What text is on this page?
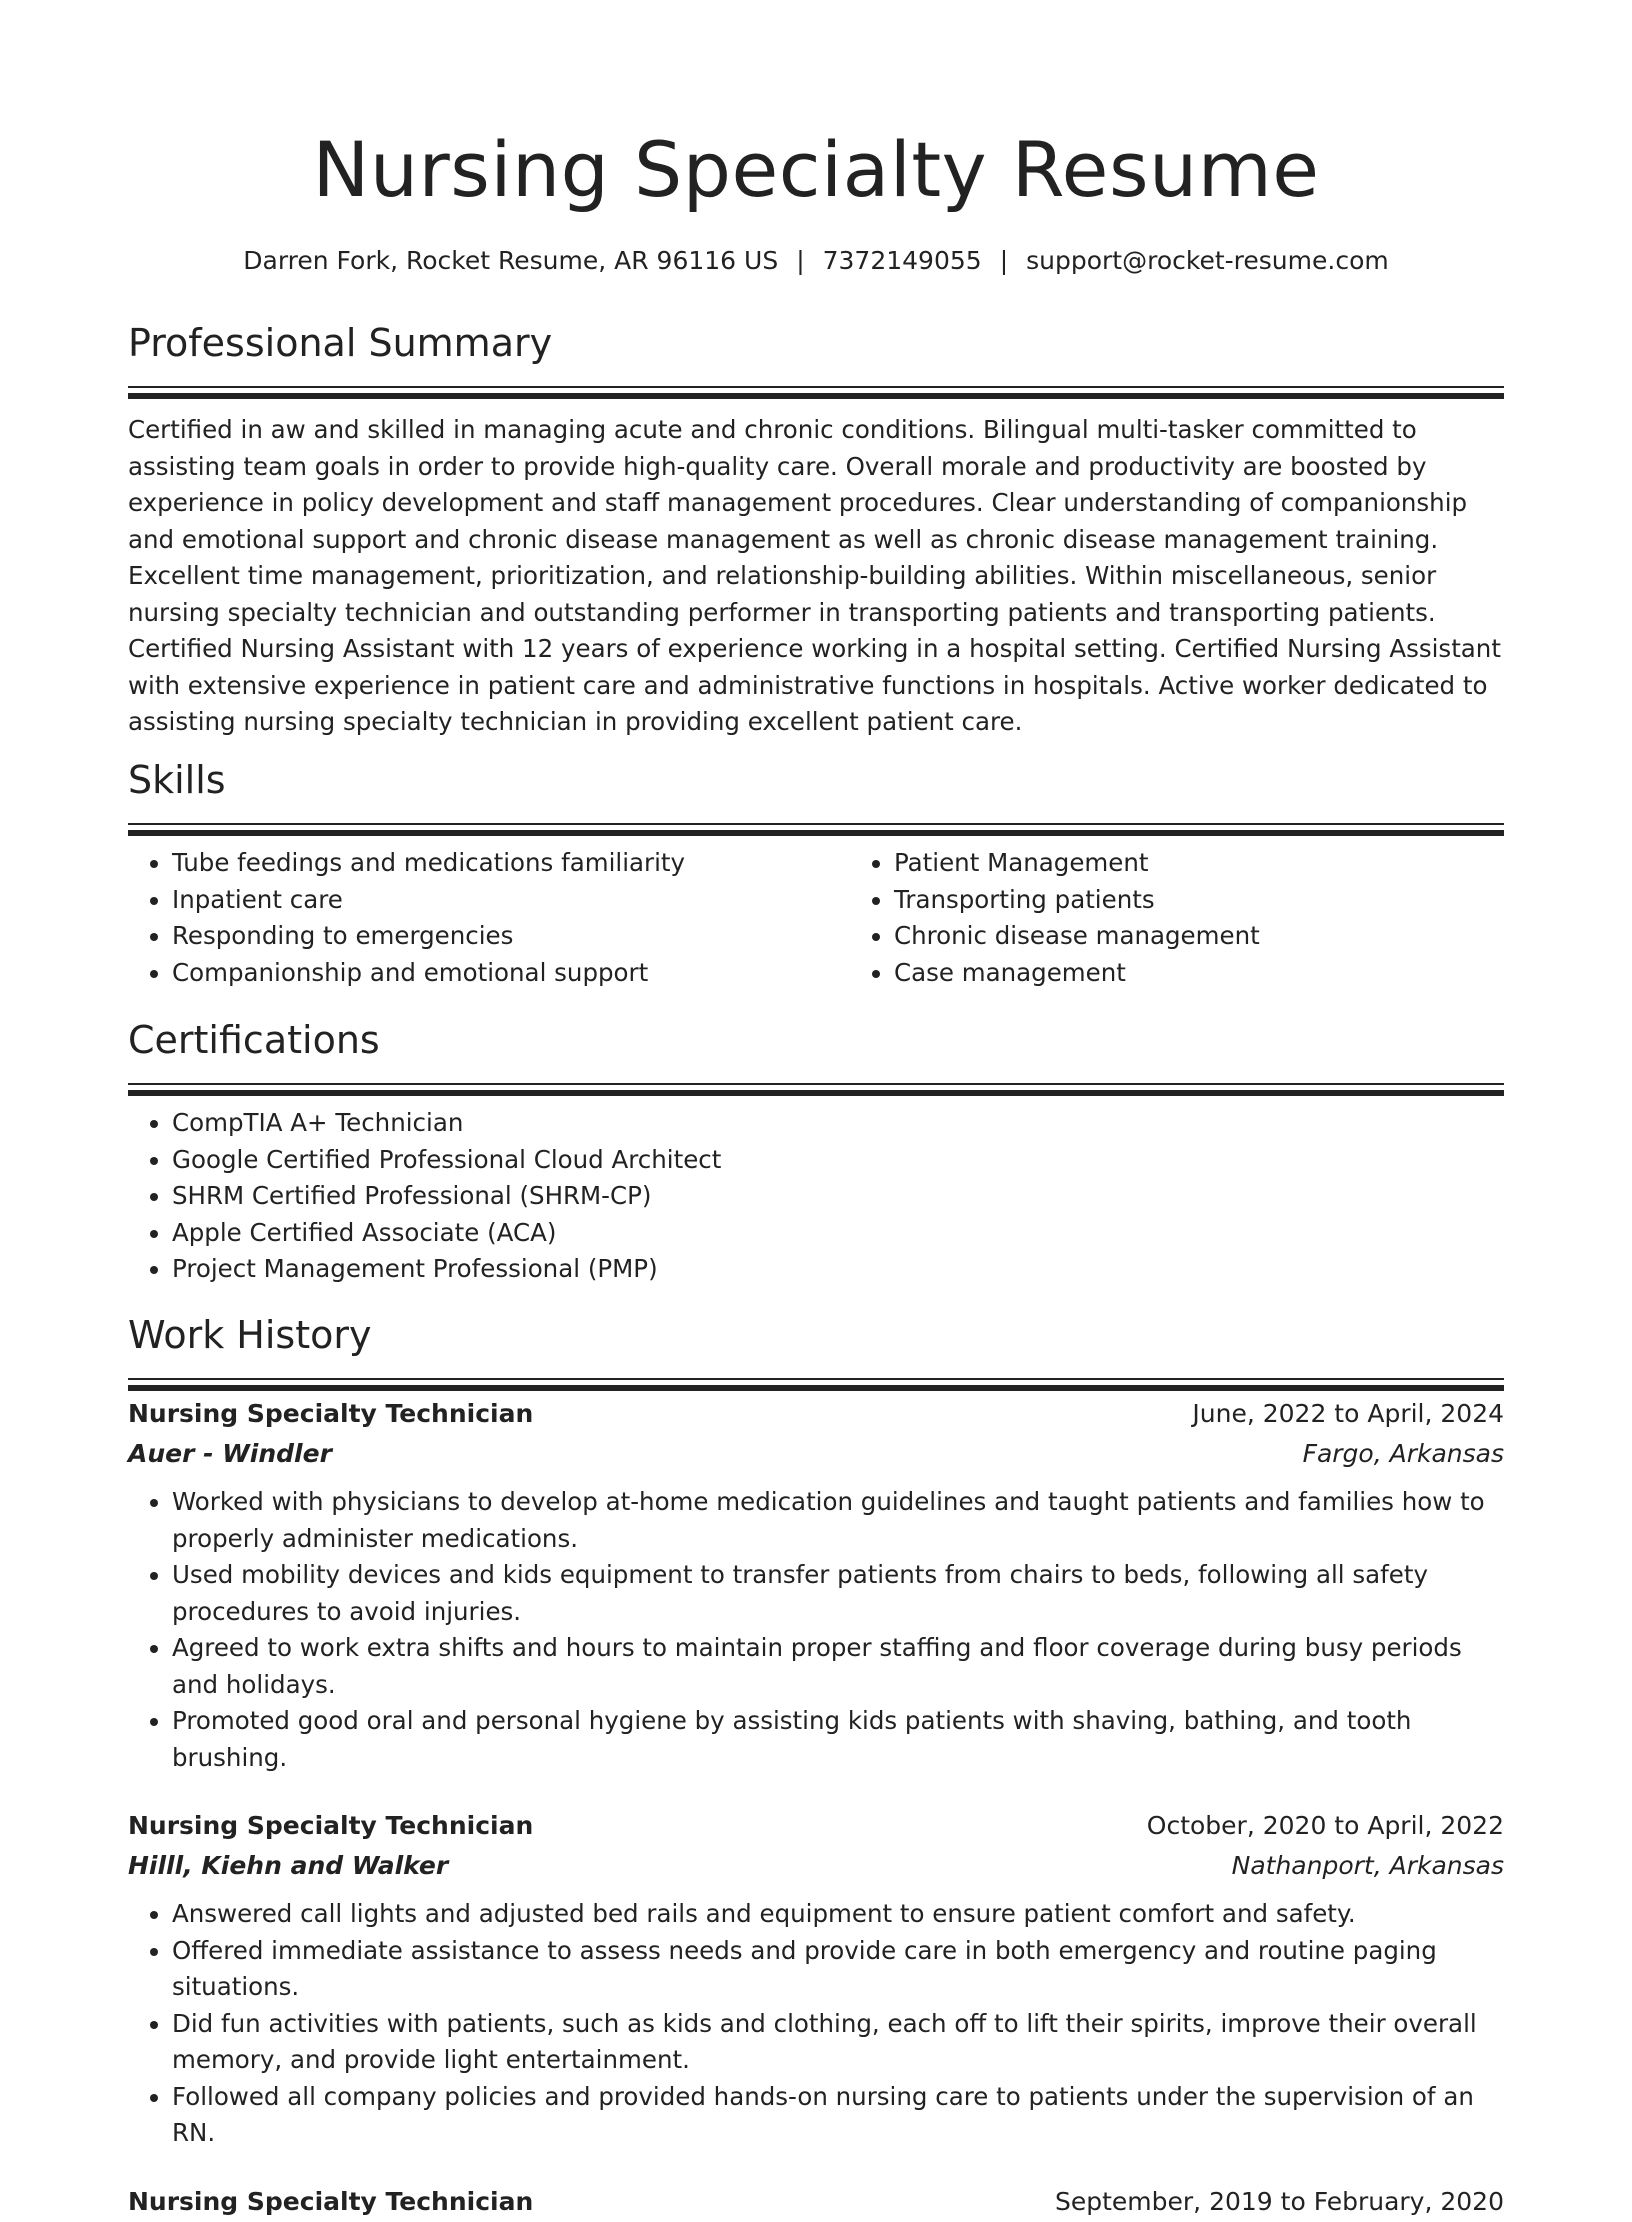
Nursing Specialty Resume
Darren Fork, Rocket Resume, AR 96116 US | 7372149055 | support@rocket-resume.com
Professional Summary

Certified in aw and skilled in managing acute and chronic conditions. Bilingual multi-tasker committed to assisting team goals in order to provide high-quality care. Overall morale and productivity are boosted by experience in policy development and staff management procedures. Clear understanding of companionship and emotional support and chronic disease management as well as chronic disease management training. Excellent time management, prioritization, and relationship-building abilities. Within miscellaneous, senior nursing specialty technician and outstanding performer in transporting patients and transporting patients. Certified Nursing Assistant with 12 years of experience working in a hospital setting. Certified Nursing Assistant with extensive experience in patient care and administrative functions in hospitals. Active worker dedicated to assisting nursing specialty technician in providing excellent patient care.

Skills
• Tube feedings and medications familiarity
• Inpatient care
• Responding to emergencies
• Companionship and emotional support
• Patient Management
• Transporting patients
• Chronic disease management
• Case management
Certifications
• CompTIA A+ Technician
• Google Certified Professional Cloud Architect
• SHRM Certified Professional (SHRM-CP)
• Apple Certified Associate (ACA)
• Project Management Professional (PMP)
Work History
Nursing Specialty Technician	June, 2022 to April, 2024
Auer - Windler	Fargo, Arkansas
• Worked with physicians to develop at-home medication guidelines and taught patients and families how to properly administer medications.
• Used mobility devices and kids equipment to transfer patients from chairs to beds, following all safety procedures to avoid injuries.
• Agreed to work extra shifts and hours to maintain proper staffing and floor coverage during busy periods and holidays.
• Promoted good oral and personal hygiene by assisting kids patients with shaving, bathing, and tooth brushing.
Nursing Specialty Technician	October, 2020 to April, 2022
Hilll, Kiehn and Walker	Nathanport, Arkansas
• Answered call lights and adjusted bed rails and equipment to ensure patient comfort and safety.
• Offered immediate assistance to assess needs and provide care in both emergency and routine paging situations.
• Did fun activities with patients, such as kids and clothing, each off to lift their spirits, improve their overall memory, and provide light entertainment.
• Followed all company policies and provided hands-on nursing care to patients under the supervision of an RN.
Nursing Specialty Technician	September, 2019 to February, 2020
